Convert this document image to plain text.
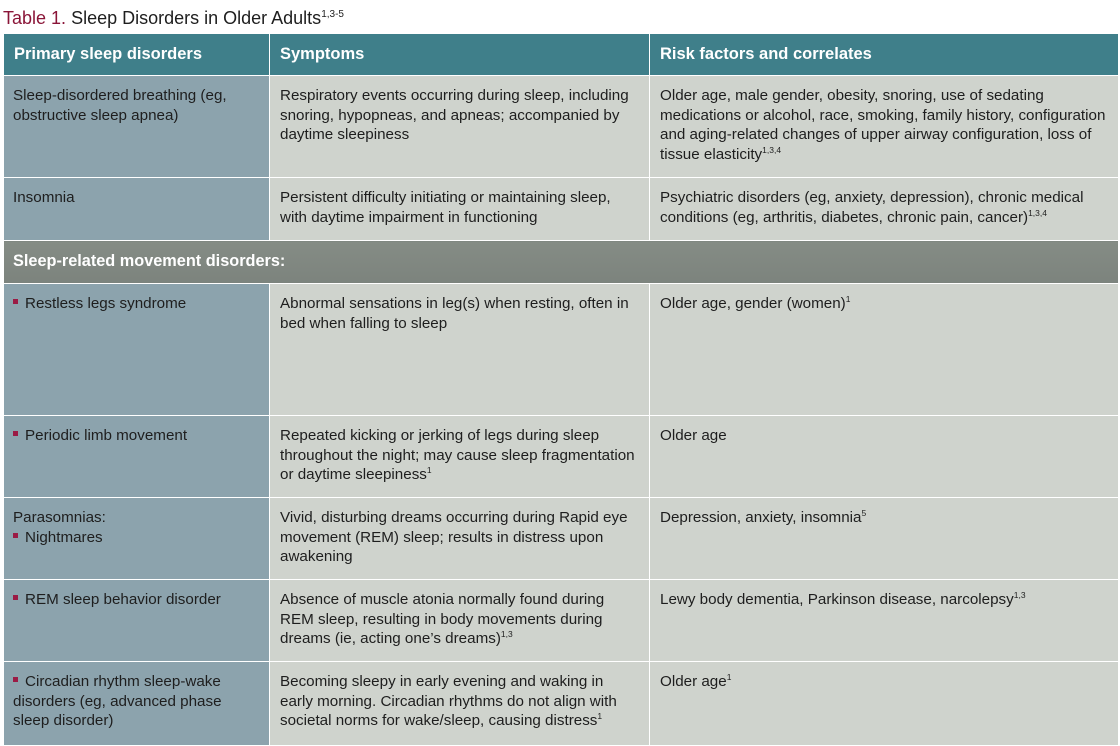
Table 1. Sleep Disorders in Older Adults$^{1,3-5}$
Primary sleep disorders	Symptoms	Risk factors and correlates
Sleep-disordered breathing (eg, obstructive sleep apnea)	Respiratory events occurring during sleep, including snoring, hypopneas, and apneas; accompanied by daytime sleepiness	Older age, male gender, obesity, snoring, use of sedating medications or alcohol, race, smoking, family history, configuration and aging-related changes of upper airway configuration, loss of tissue elasticity$^{1,3,4}$
Insomnia	Persistent difficulty initiating or maintaining sleep, with daytime impairment in functioning	Psychiatric disorders (eg, anxiety, depression), chronic medical conditions (eg, arthritis, diabetes, chronic pain, cancer)$^{1,3,4}$
Sleep-related movement disorders:		
Restless legs syndrome	Abnormal sensations in leg(s) when resting, often in bed when falling to sleep	Older age, gender (women)$^1$
Periodic limb movement	Repeated kicking or jerking of legs during sleep throughout the night; may cause sleep fragmentation or daytime sleepiness$^1$	Older age

Parasomnias:
Nightmares	Vivid, disturbing dreams occurring during Rapid eye movement (REM) sleep; results in distress upon awakening	Depression, anxiety, insomnia$^5$
REM sleep behavior disorder	Absence of muscle atonia normally found during REM sleep, resulting in body movements during dreams (ie, acting one’s dreams)$^{1,3}$	Lewy body dementia, Parkinson disease, narcolepsy$^{1,3}$
Circadian rhythm sleep-wake disorders (eg, advanced phase sleep disorder)	Becoming sleepy in early evening and waking in early morning. Circadian rhythms do not align with societal norms for wake/sleep, causing distress$^1$	Older age$^1$
